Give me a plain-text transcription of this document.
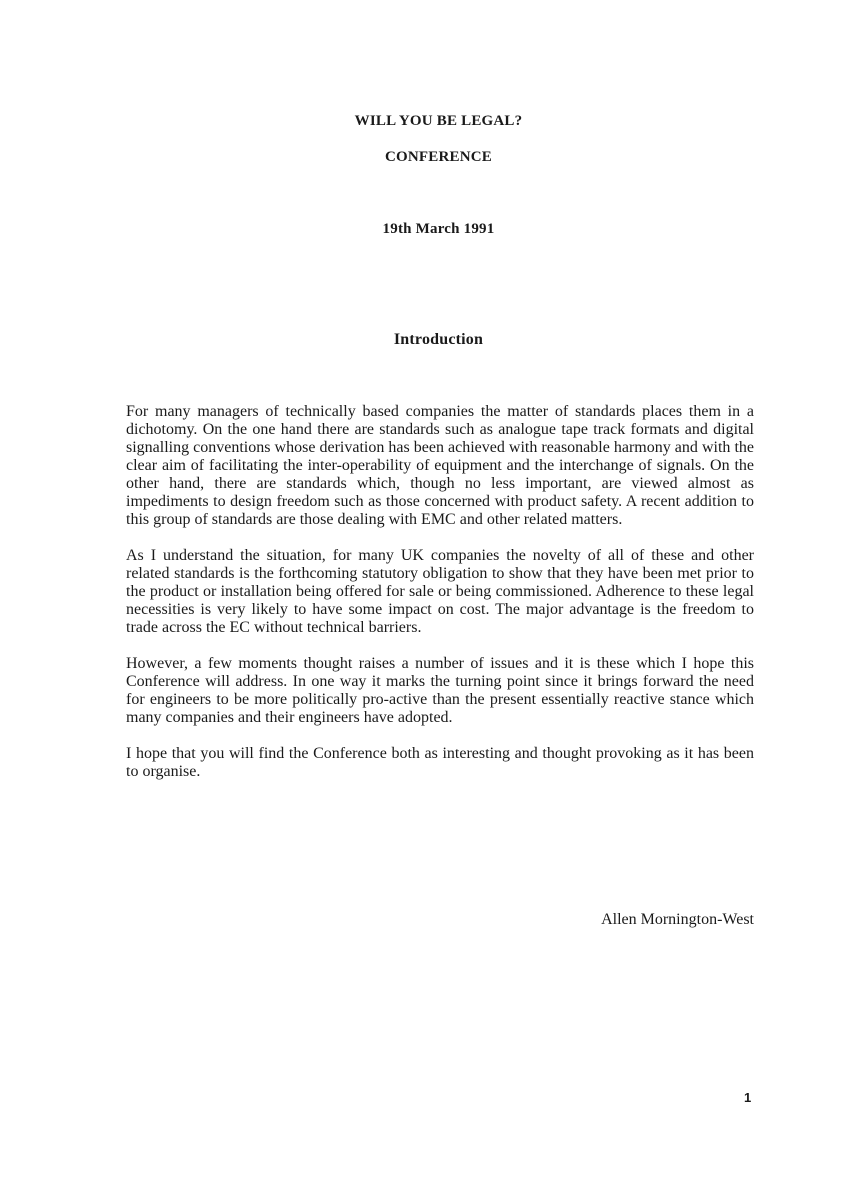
WILL YOU BE LEGAL?
CONFERENCE
19th March 1991
Introduction

For many managers of technically based companies the matter of standards places them in a dichotomy. On the one hand there are standards such as analogue tape track formats and digital signalling conventions whose derivation has been achieved with reasonable harmony and with the clear aim of facilitating the inter-operability of equipment and the interchange of signals. On the other hand, there are standards which, though no less important, are viewed almost as impediments to design freedom such as those concerned with product safety. A recent addition to this group of standards are those dealing with EMC and other related matters.

As I understand the situation, for many UK companies the novelty of all of these and other related standards is the forthcoming statutory obligation to show that they have been met prior to the product or installation being offered for sale or being commissioned. Adherence to these legal necessities is very likely to have some impact on cost. The major advantage is the freedom to trade across the EC without technical barriers.

However, a few moments thought raises a number of issues and it is these which I hope this Conference will address. In one way it marks the turning point since it brings forward the need for engineers to be more politically pro-active than the present essentially reactive stance which many companies and their engineers have adopted.

I hope that you will find the Conference both as interesting and thought provoking as it has been to organise.

Allen Mornington-West
1
